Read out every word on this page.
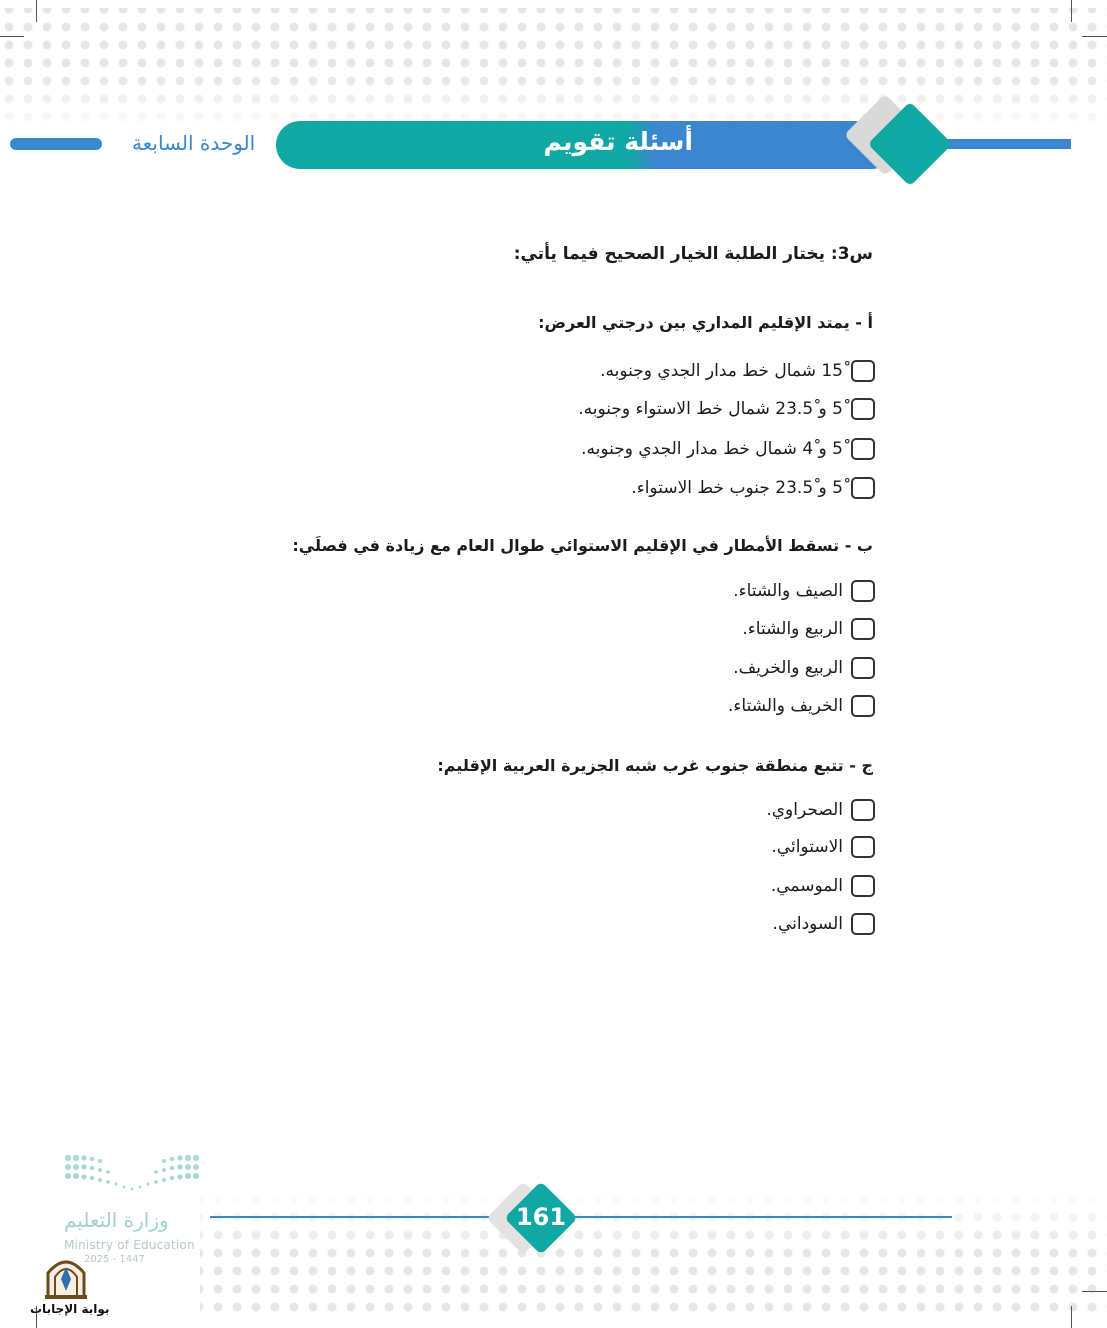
الوحدة السابعة	أسئلة تقويم
س3: يختار الطلبة الخيار الصحيح فيما يأتي:
أ - يمتد الإقليم المداري بين درجتي العرض:
15ْ شمال خط مدار الجدي وجنوبه.
5ْ و 23.5ْ شمال خط الاستواء وجنوبه.
5ْ و 4ْ شمال خط مدار الجدي وجنوبه.
5ْ و 23.5ْ جنوب خط الاستواء.
ب - تسقط الأمطار في الإقليم الاستوائي طوال العام مع زيادة في فصلَي:
الصيف والشتاء.
الربيع والشتاء.
الربيع والخريف.
الخريف والشتاء.
ج - تتبع منطقة جنوب غرب شبه الجزيرة العربية الإقليم:
الصحراوي.
الاستوائي.
الموسمي.
السوداني.
161
وزارة التعليم
Ministry of Education
2025 - 1447
بوابة الإجابات
